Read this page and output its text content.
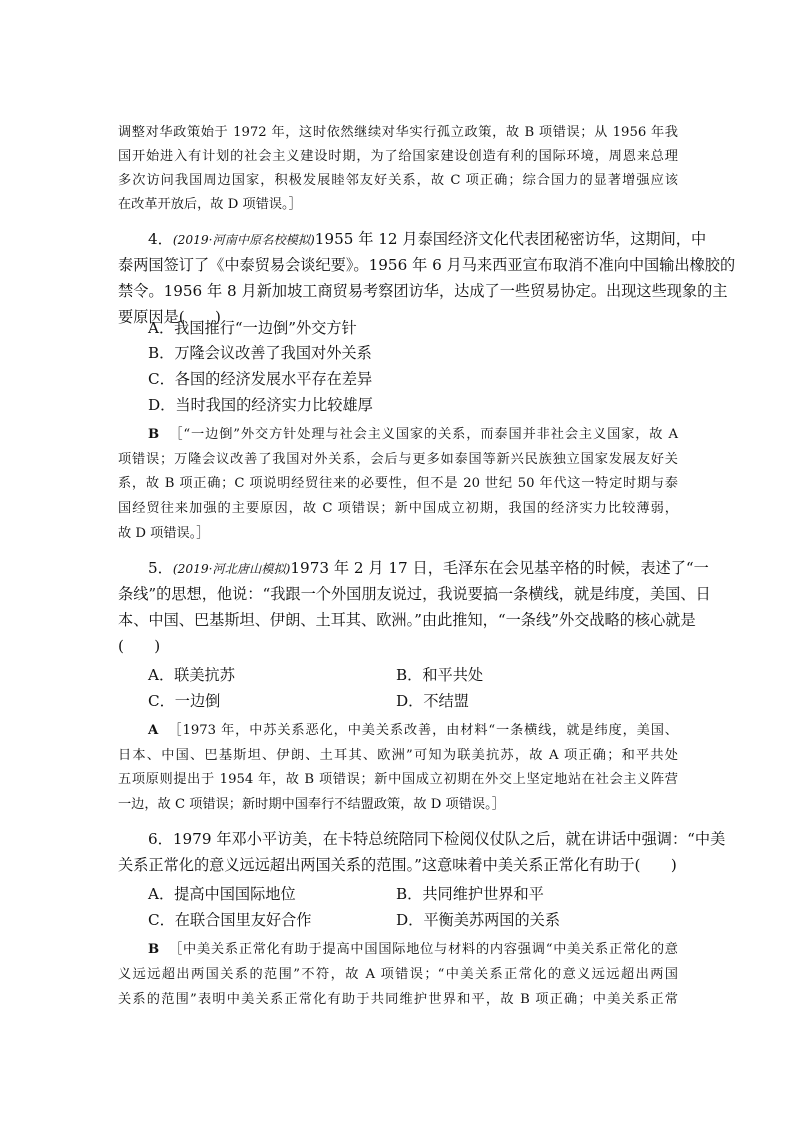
调整对华政策始于 1972 年，这时依然继续对华实行孤立政策，故 B 项错误；从 1956 年我
国开始进入有计划的社会主义建设时期，为了给国家建设创造有利的国际环境，周恩来总理
多次访问我国周边国家，积极发展睦邻友好关系，故 C 项正确；综合国力的显著增强应该
在改革开放后，故 D 项错误。］
4．(2019·河南中原名校模拟)1955 年 12 月泰国经济文化代表团秘密访华，这期间，中
泰两国签订了《中泰贸易会谈纪要》。1956 年 6 月马来西亚宣布取消不准向中国输出橡胶的
禁令。1956 年 8 月新加坡工商贸易考察团访华，达成了一些贸易协定。出现这些现象的主
要原因是(　　)
A．我国推行“一边倒”外交方针
B．万隆会议改善了我国对外关系
C．各国的经济发展水平存在差异
D．当时我国的经济实力比较雄厚
B ［“一边倒”外交方针处理与社会主义国家的关系，而泰国并非社会主义国家，故 A
项错误；万隆会议改善了我国对外关系，会后与更多如泰国等新兴民族独立国家发展友好关
系，故 B 项正确；C 项说明经贸往来的必要性，但不是 20 世纪 50 年代这一特定时期与泰
国经贸往来加强的主要原因，故 C 项错误；新中国成立初期，我国的经济实力比较薄弱，
故 D 项错误。］
5．(2019·河北唐山模拟)1973 年 2 月 17 日，毛泽东在会见基辛格的时候，表述了“一
条线”的思想，他说：“我跟一个外国朋友说过，我说要搞一条横线，就是纬度，美国、日
本、中国、巴基斯坦、伊朗、土耳其、欧洲。”由此推知，“一条线”外交战略的核心就是
(　　)
A．联美抗苏	B．和平共处
C．一边倒	D．不结盟
A ［1973 年，中苏关系恶化，中美关系改善，由材料“一条横线，就是纬度，美国、
日本、中国、巴基斯坦、伊朗、土耳其、欧洲”可知为联美抗苏，故 A 项正确；和平共处
五项原则提出于 1954 年，故 B 项错误；新中国成立初期在外交上坚定地站在社会主义阵营
一边，故 C 项错误；新时期中国奉行不结盟政策，故 D 项错误。］
6．1979 年邓小平访美，在卡特总统陪同下检阅仪仗队之后，就在讲话中强调：“中美
关系正常化的意义远远超出两国关系的范围。”这意味着中美关系正常化有助于(　　)
A．提高中国国际地位	B．共同维护世界和平
C．在联合国里友好合作	D．平衡美苏两国的关系
B ［中美关系正常化有助于提高中国国际地位与材料的内容强调“中美关系正常化的意
义远远超出两国关系的范围”不符，故 A 项错误；“中美关系正常化的意义远远超出两国
关系的范围”表明中美关系正常化有助于共同维护世界和平，故 B 项正确；中美关系正常
